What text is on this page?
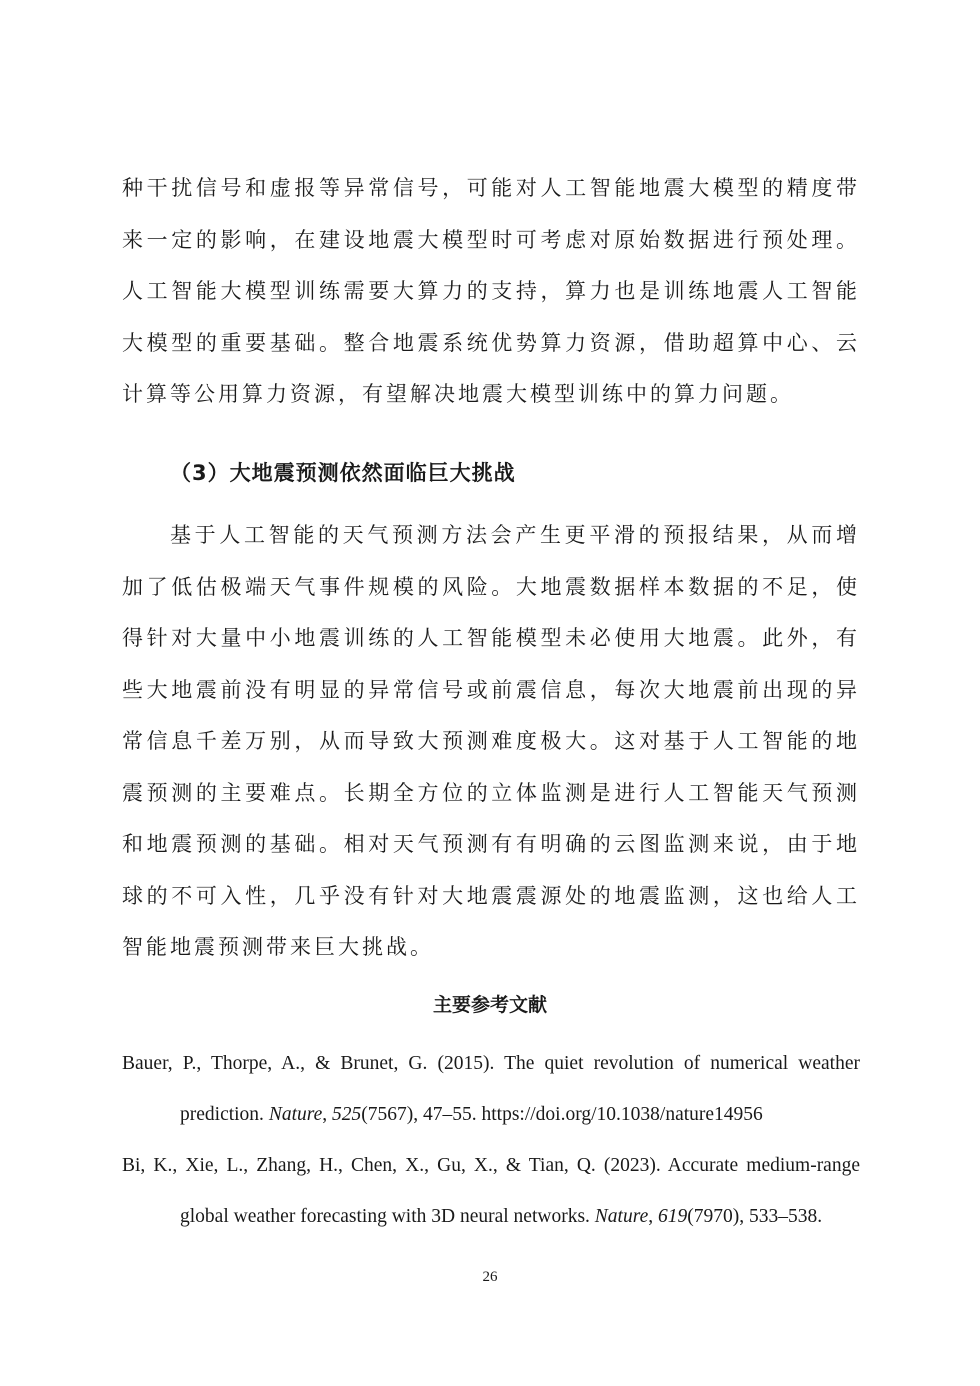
种干扰信号和虚报等异常信号，可能对人工智能地震大模型的精度带来一定的影响，在建设地震大模型时可考虑对原始数据进行预处理。人工智能大模型训练需要大算力的支持，算力也是训练地震人工智能大模型的重要基础。整合地震系统优势算力资源，借助超算中心、云计算等公用算力资源，有望解决地震大模型训练中的算力问题。

（3）大地震预测依然面临巨大挑战

基于人工智能的天气预测方法会产生更平滑的预报结果，从而增加了低估极端天气事件规模的风险。大地震数据样本数据的不足，使得针对大量中小地震训练的人工智能模型未必使用大地震。此外，有些大地震前没有明显的异常信号或前震信息，每次大地震前出现的异常信息千差万别，从而导致大预测难度极大。这对基于人工智能的地震预测的主要难点。长期全方位的立体监测是进行人工智能天气预测和地震预测的基础。相对天气预测有有明确的云图监测来说，由于地球的不可入性，几乎没有针对大地震震源处的地震监测，这也给人工智能地震预测带来巨大挑战。

主要参考文献

Bauer, P., Thorpe, A., & Brunet, G. (2015). The quiet revolution of numerical weather prediction. Nature, 525(7567), 47–55. https://doi.org/10.1038/nature14956

Bi, K., Xie, L., Zhang, H., Chen, X., Gu, X., & Tian, Q. (2023). Accurate medium-range global weather forecasting with 3D neural networks. Nature, 619(7970), 533–538.

26
